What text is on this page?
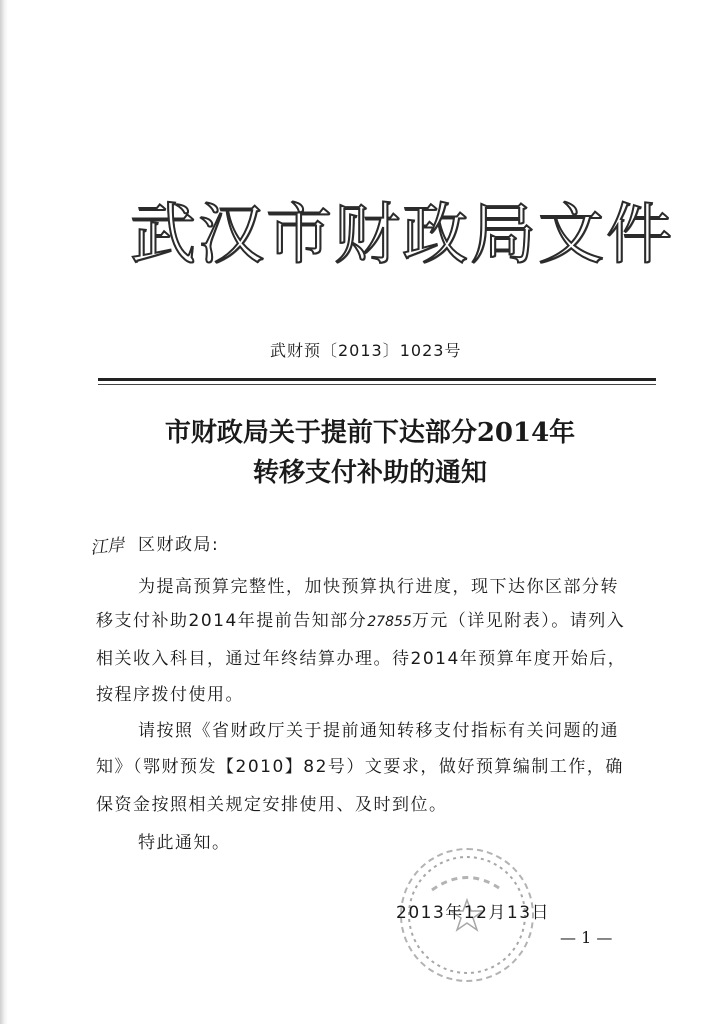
武汉市财政局文件
武财预〔2013〕1023号
市财政局关于提前下达部分2014年
转移支付补助的通知
江岸 区财政局:
为提高预算完整性，加快预算执行进度，现下达你区部分转
移支付补助2014年提前告知部分27855万元（详见附表）。请列入
相关收入科目，通过年终结算办理。待2014年预算年度开始后，
按程序拨付使用。
请按照《省财政厅关于提前通知转移支付指标有关问题的通
知》（鄂财预发【2010】82号）文要求，做好预算编制工作，确
保资金按照相关规定安排使用、及时到位。
特此通知。
2013年12月13日
— 1 —
